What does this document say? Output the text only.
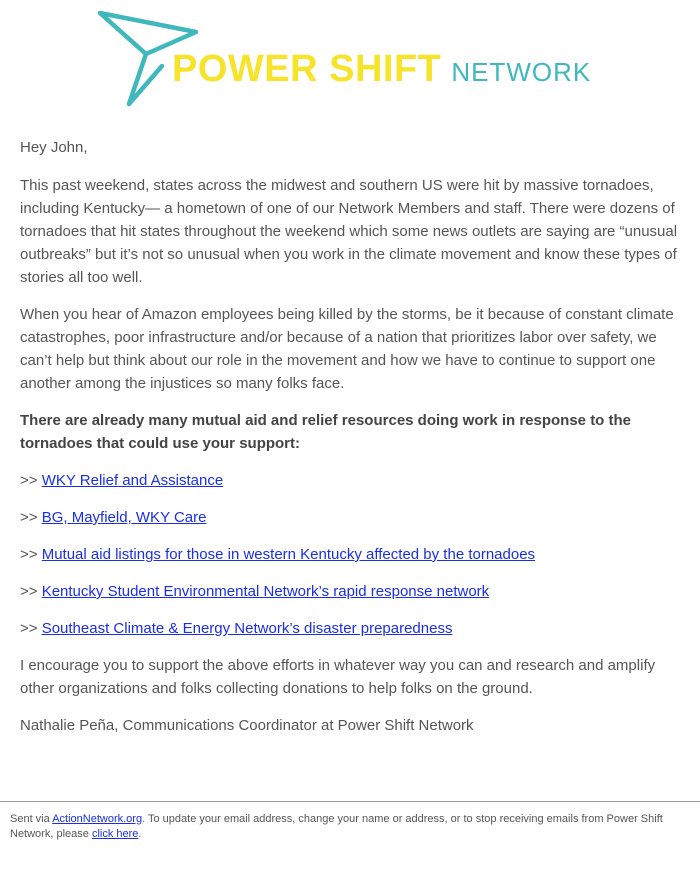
POWER SHIFT NETWORK

Hey John,

This past weekend, states across the midwest and southern US were hit by massive tornadoes, including Kentucky— a hometown of one of our Network Members and staff. There were dozens of tornadoes that hit states throughout the weekend which some news outlets are saying are “unusual outbreaks” but it’s not so unusual when you work in the climate movement and know these types of stories all too well.

When you hear of Amazon employees being killed by the storms, be it because of constant climate catastrophes, poor infrastructure and/or because of a nation that prioritizes labor over safety, we can’t help but think about our role in the movement and how we have to continue to support one another among the injustices so many folks face.

There are already many mutual aid and relief resources doing work in response to the tornadoes that could use your support:

>> WKY Relief and Assistance

>> BG, Mayfield, WKY Care

>> Mutual aid listings for those in western Kentucky affected by the tornadoes

>> Kentucky Student Environmental Network’s rapid response network

>> Southeast Climate & Energy Network’s disaster preparedness

I encourage you to support the above efforts in whatever way you can and research and amplify other organizations and folks collecting donations to help folks on the ground.

Nathalie Peña, Communications Coordinator at Power Shift Network

Sent via ActionNetwork.org. To update your email address, change your name or address, or to stop receiving emails from Power Shift Network, please click here.
